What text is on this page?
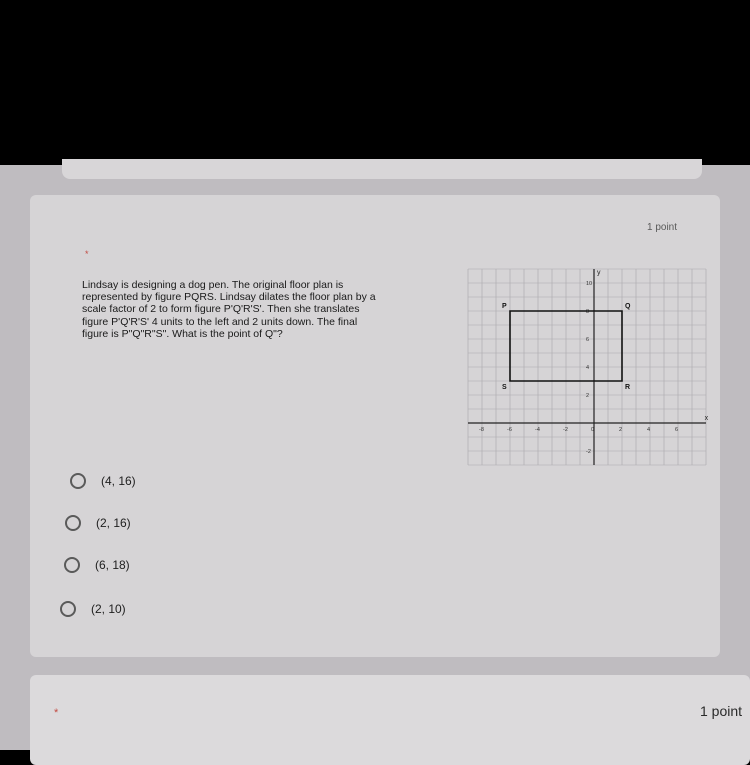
*
1 point
Lindsay is designing a dog pen. The original floor plan is represented by figure PQRS. Lindsay dilates the floor plan by a scale factor of 2 to form figure P'Q'R'S'. Then she translates figure P'Q'R'S' 4 units to the left and 2 units down. The final figure is P"Q"R"S". What is the point of Q"?
x
y
-8	-6	-4	-2	0	2	4	6
10
8
6
4
2
-2
P	Q
R
S
(4, 16)
(2, 16)
(6, 18)
(2, 10)
*	1 point
